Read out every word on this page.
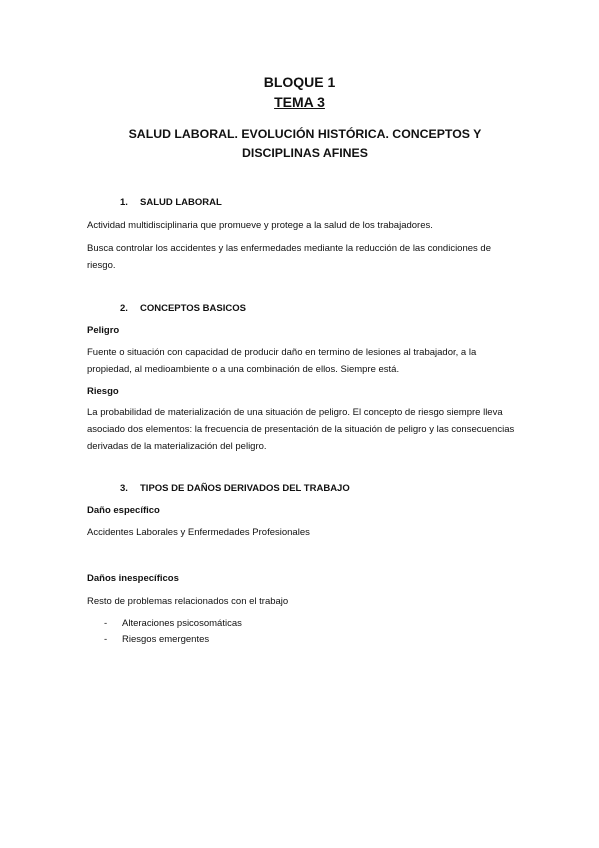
BLOQUE 1
TEMA 3
SALUD LABORAL. EVOLUCIÓN HISTÓRICA. CONCEPTOS Y DISCIPLINAS AFINES
1. SALUD LABORAL
Actividad multidisciplinaria que promueve y protege a la salud de los trabajadores.
Busca controlar los accidentes y las enfermedades mediante la reducción de las condiciones de riesgo.
2. CONCEPTOS BASICOS
Peligro
Fuente o situación con capacidad de producir daño en termino de lesiones al trabajador, a la propiedad, al medioambiente o a una combinación de ellos. Siempre está.
Riesgo
La probabilidad de materialización de una situación de peligro. El concepto de riesgo siempre lleva asociado dos elementos: la frecuencia de presentación de la situación de peligro y las consecuencias derivadas de la materialización del peligro.
3. TIPOS DE DAÑOS DERIVADOS DEL TRABAJO
Daño específico
Accidentes Laborales y Enfermedades Profesionales
Daños inespecíficos
Resto de problemas relacionados con el trabajo
- Alteraciones psicosomáticas
- Riesgos emergentes
